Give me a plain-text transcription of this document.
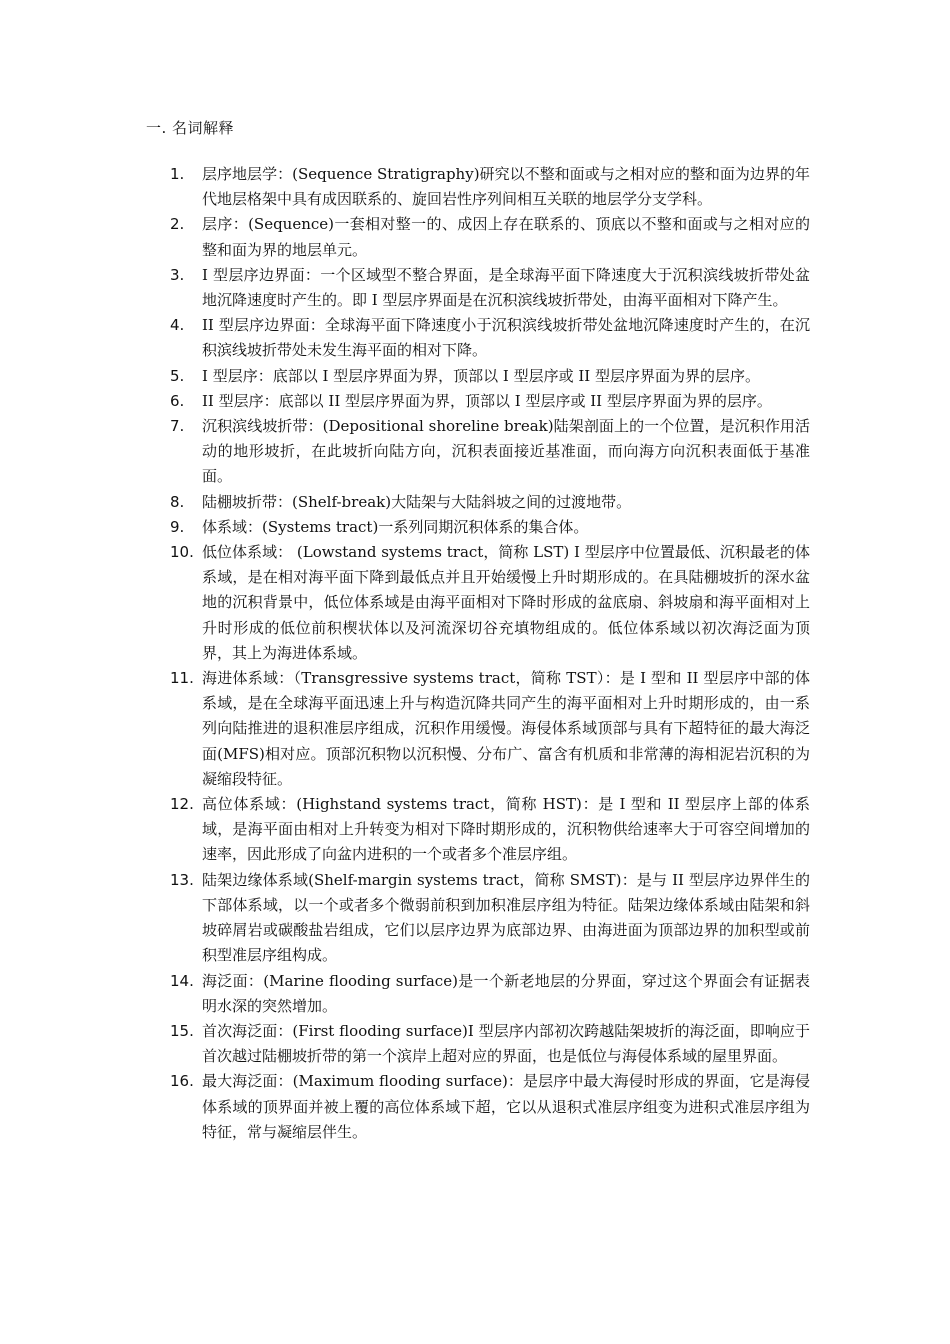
一. 名词解释
1.	层序地层学：(Sequence Stratigraphy)研究以不整和面或与之相对应的整和面为边界的年代地层格架中具有成因联系的、旋回岩性序列间相互关联的地层学分支学科。
2.	层序：(Sequence)一套相对整一的、成因上存在联系的、顶底以不整和面或与之相对应的整和面为界的地层单元。
3.	I 型层序边界面：一个区域型不整合界面，是全球海平面下降速度大于沉积滨线坡折带处盆地沉降速度时产生的。即 I 型层序界面是在沉积滨线坡折带处，由海平面相对下降产生。
4.	II 型层序边界面：全球海平面下降速度小于沉积滨线坡折带处盆地沉降速度时产生的，在沉积滨线坡折带处未发生海平面的相对下降。
5.	I 型层序：底部以 I 型层序界面为界，顶部以 I 型层序或 II 型层序界面为界的层序。
6.	II 型层序：底部以 II 型层序界面为界，顶部以 I 型层序或 II 型层序界面为界的层序。
7.	沉积滨线坡折带：(Depositional shoreline break)陆架剖面上的一个位置，是沉积作用活动的地形坡折，在此坡折向陆方向，沉积表面接近基准面，而向海方向沉积表面低于基准面。
8.	陆棚坡折带：(Shelf-break)大陆架与大陆斜坡之间的过渡地带。
9.	体系域：(Systems tract)一系列同期沉积体系的集合体。
10. 低位体系域： (Lowstand systems tract，简称 LST) I 型层序中位置最低、沉积最老的体系域，是在相对海平面下降到最低点并且开始缓慢上升时期形成的。在具陆棚坡折的深水盆地的沉积背景中，低位体系域是由海平面相对下降时形成的盆底扇、斜坡扇和海平面相对上升时形成的低位前积楔状体以及河流深切谷充填物组成的。低位体系域以初次海泛面为顶界，其上为海进体系域。
11. 海进体系域：（Transgressive systems tract，简称 TST）：是 I 型和 II 型层序中部的体系域，是在全球海平面迅速上升与构造沉降共同产生的海平面相对上升时期形成的，由一系列向陆推进的退积准层序组成，沉积作用缓慢。海侵体系域顶部与具有下超特征的最大海泛面(MFS)相对应。顶部沉积物以沉积慢、分布广、富含有机质和非常薄的海相泥岩沉积的为凝缩段特征。
12. 高位体系域：(Highstand systems tract，简称 HST)：是 I 型和 II 型层序上部的体系域，是海平面由相对上升转变为相对下降时期形成的，沉积物供给速率大于可容空间增加的速率，因此形成了向盆内进积的一个或者多个准层序组。
13. 陆架边缘体系域(Shelf-margin systems tract，简称 SMST)：是与 II 型层序边界伴生的下部体系域，以一个或者多个微弱前积到加积准层序组为特征。陆架边缘体系域由陆架和斜坡碎屑岩或碳酸盐岩组成，它们以层序边界为底部边界、由海进面为顶部边界的加积型或前积型准层序组构成。
14. 海泛面：(Marine flooding surface)是一个新老地层的分界面，穿过这个界面会有证据表明水深的突然增加。
15. 首次海泛面：(First flooding surface)I 型层序内部初次跨越陆架坡折的海泛面，即响应于首次越过陆棚坡折带的第一个滨岸上超对应的界面，也是低位与海侵体系域的屋里界面。
16. 最大海泛面：(Maximum flooding surface)：是层序中最大海侵时形成的界面，它是海侵体系域的顶界面并被上覆的高位体系域下超，它以从退积式准层序组变为进积式准层序组为特征，常与凝缩层伴生。
